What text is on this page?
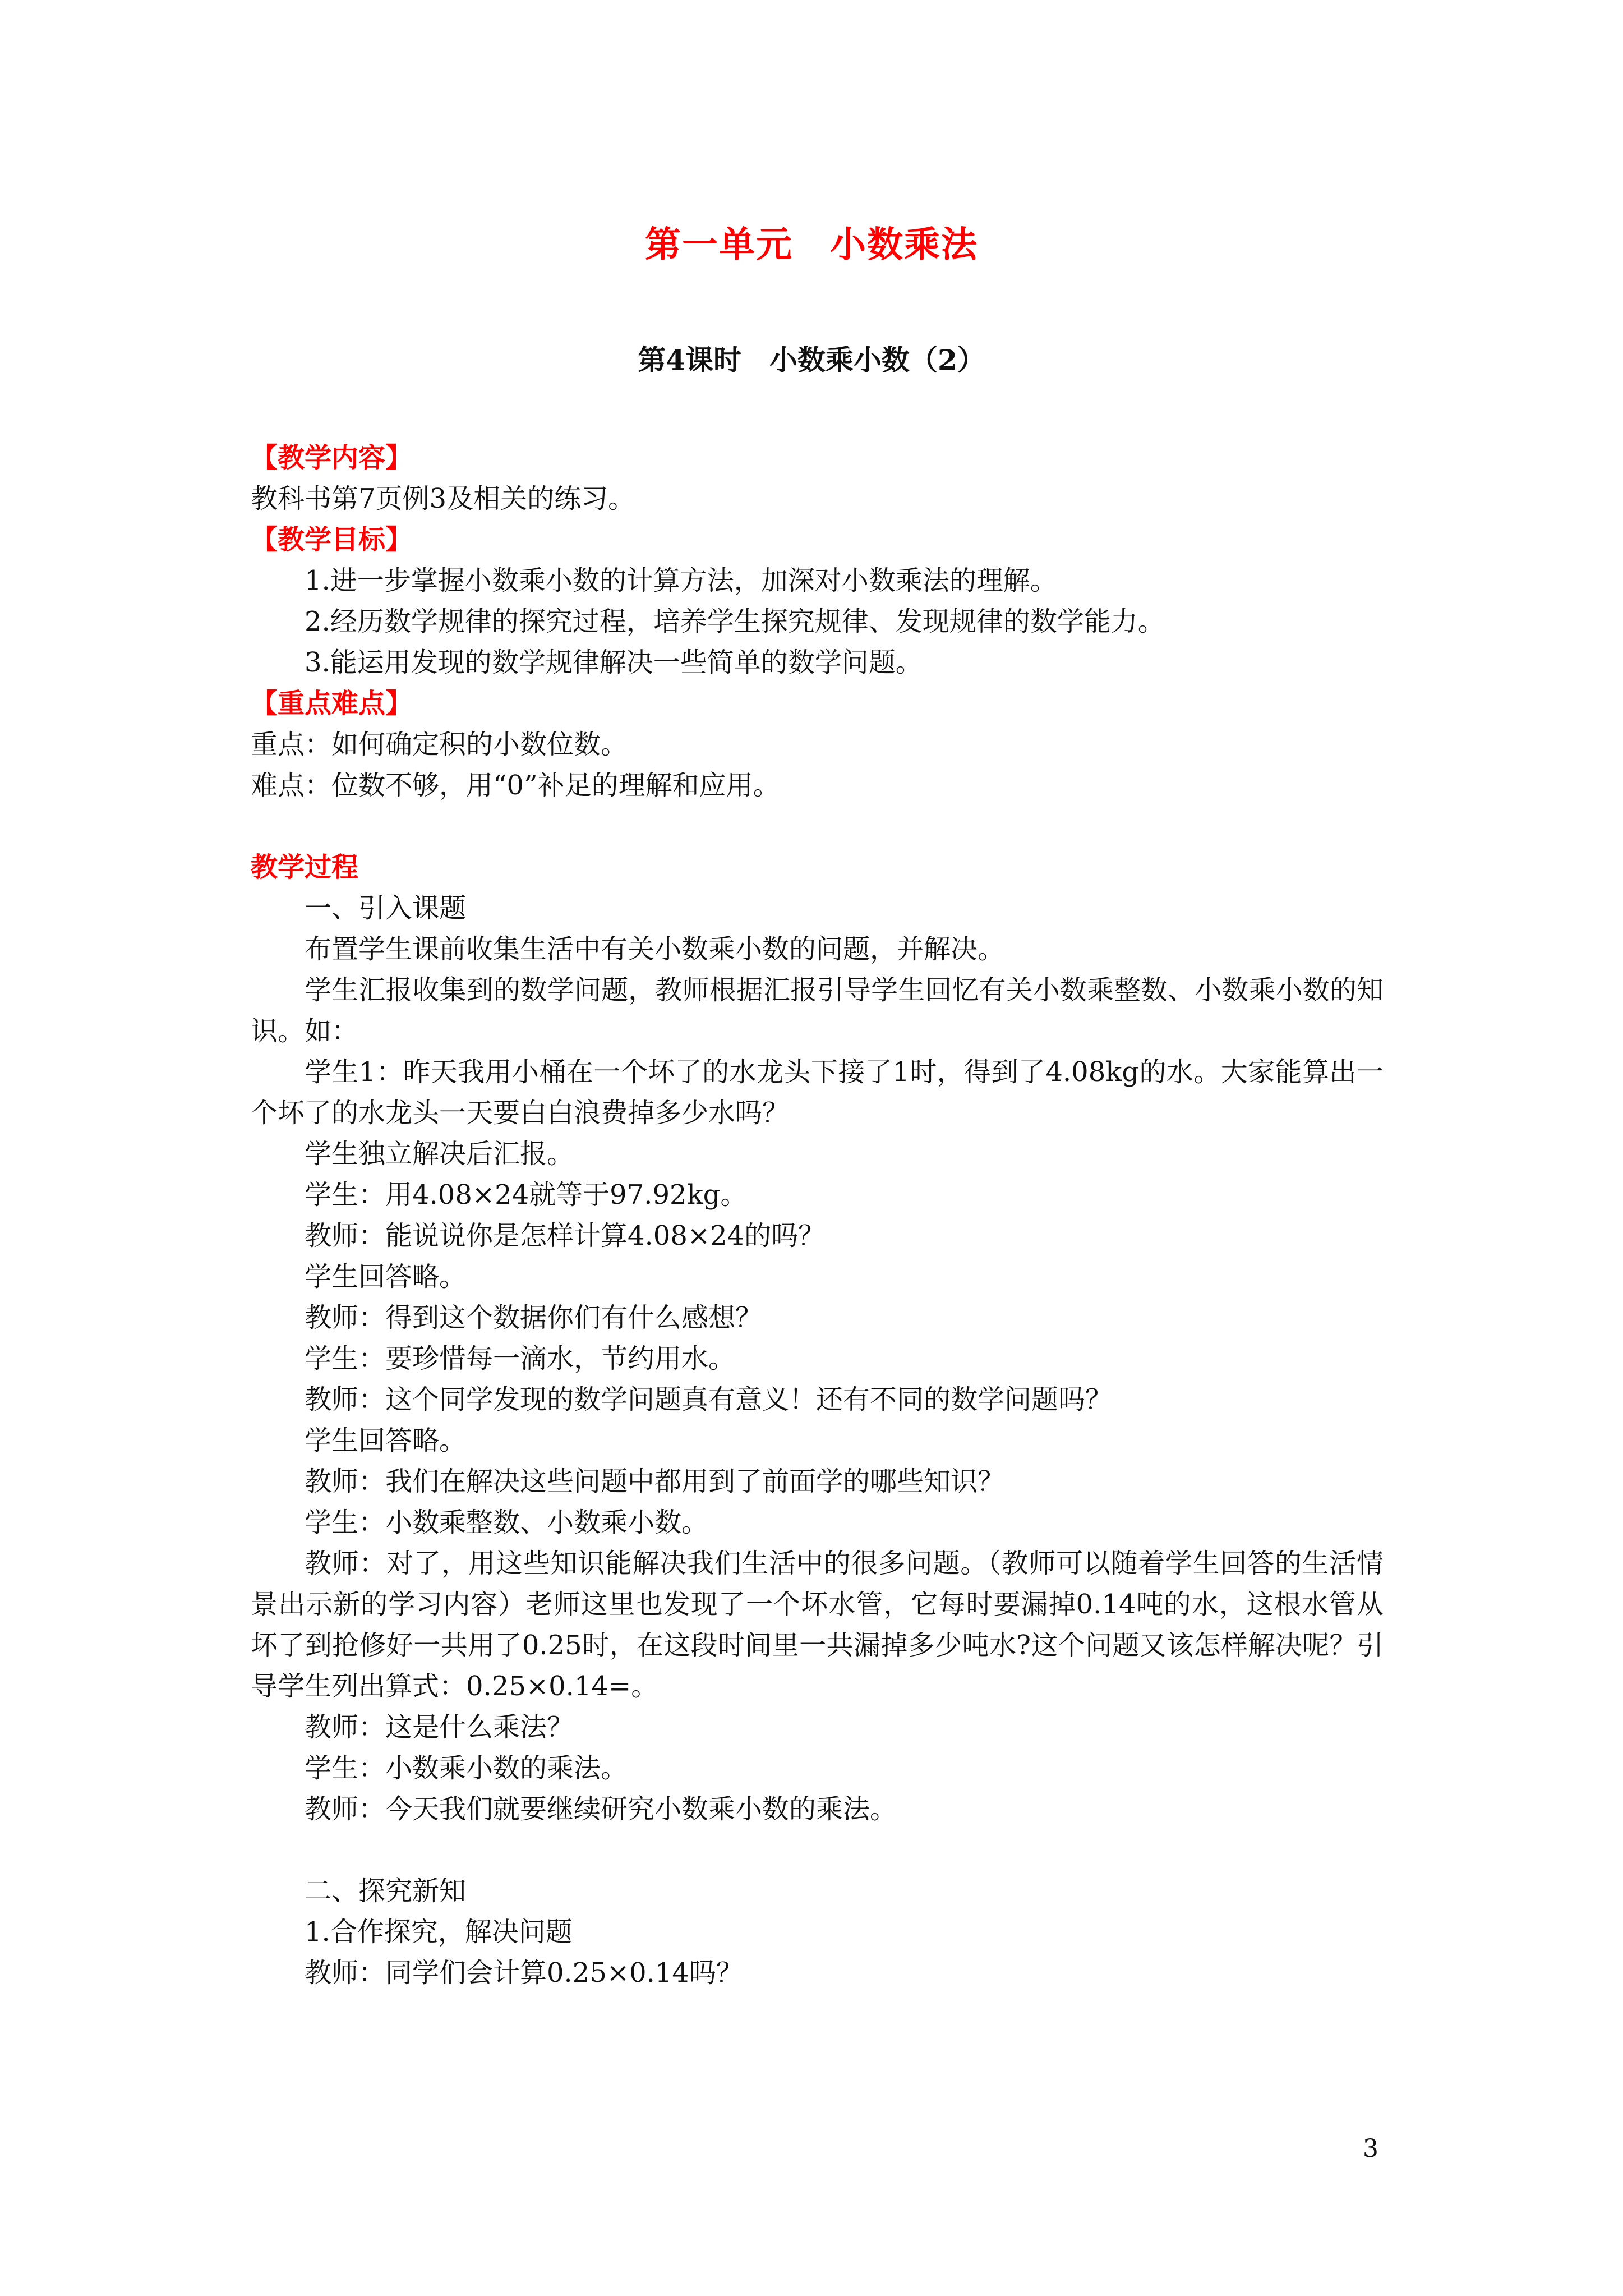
第一单元　小数乘法
第4课时　小数乘小数（2）
【教学内容】
教科书第7页例3及相关的练习。
【教学目标】
1.进一步掌握小数乘小数的计算方法，加深对小数乘法的理解。
2.经历数学规律的探究过程，培养学生探究规律、发现规律的数学能力。
3.能运用发现的数学规律解决一些简单的数学问题。
【重点难点】
重点：如何确定积的小数位数。
难点：位数不够，用“0”补足的理解和应用。
教学过程
一、引入课题
布置学生课前收集生活中有关小数乘小数的问题，并解决。
学生汇报收集到的数学问题，教师根据汇报引导学生回忆有关小数乘整数、小数乘小数的知识。如：
学生1：昨天我用小桶在一个坏了的水龙头下接了1时，得到了4.08kg的水。大家能算出一个坏了的水龙头一天要白白浪费掉多少水吗？
学生独立解决后汇报。
学生：用4.08×24就等于97.92kg。
教师：能说说你是怎样计算4.08×24的吗？
学生回答略。
教师：得到这个数据你们有什么感想？
学生：要珍惜每一滴水，节约用水。
教师：这个同学发现的数学问题真有意义！还有不同的数学问题吗？
学生回答略。
教师：我们在解决这些问题中都用到了前面学的哪些知识？
学生：小数乘整数、小数乘小数。
教师：对了，用这些知识能解决我们生活中的很多问题。（教师可以随着学生回答的生活情景出示新的学习内容）老师这里也发现了一个坏水管，它每时要漏掉0.14吨的水，这根水管从坏了到抢修好一共用了0.25时，在这段时间里一共漏掉多少吨水?这个问题又该怎样解决呢？引导学生列出算式：0.25×0.14=。
教师：这是什么乘法？
学生：小数乘小数的乘法。
教师：今天我们就要继续研究小数乘小数的乘法。
二、探究新知
1.合作探究，解决问题
教师：同学们会计算0.25×0.14吗？
3
